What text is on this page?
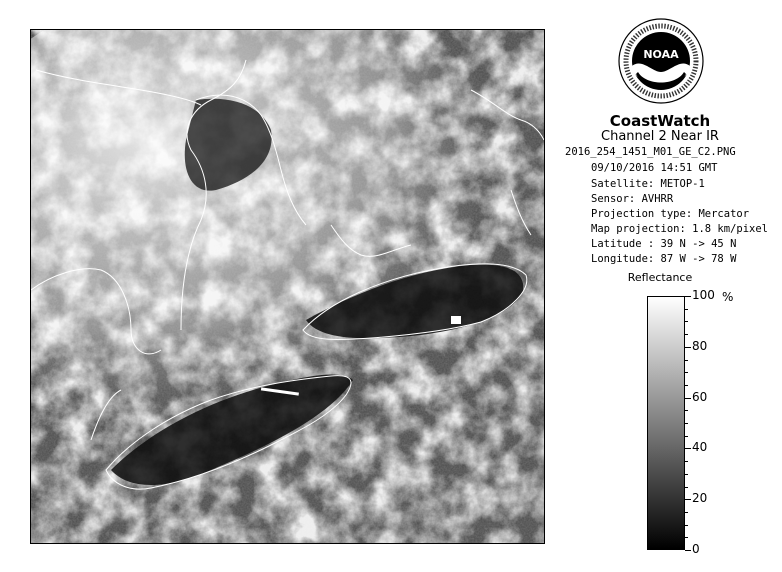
NOAA
CoastWatch
Channel 2 Near IR
2016_254_1451_M01_GE_C2.PNG
09/10/2016 14:51 GMT
Satellite: METOP-1
Sensor: AVHRR
Projection type: Mercator
Map projection: 1.8 km/pixel
Latitude : 39 N -> 45 N
Longitude: 87 W -> 78 W
Reflectance
100
80
60
40
20
0
%
